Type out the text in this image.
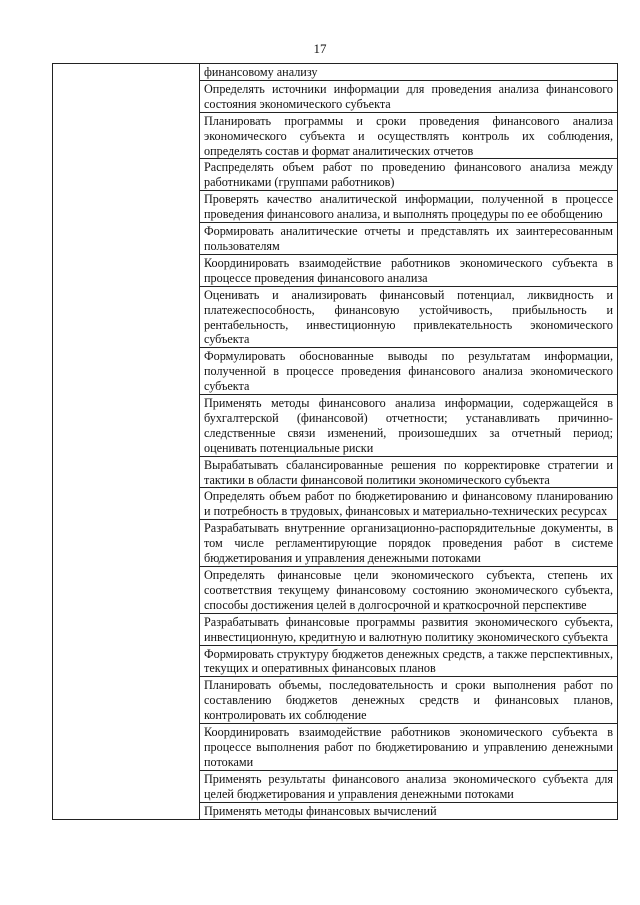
17

финансовому анализу

Определять источники информации для проведения анализа финансового состояния экономического субъекта

Планировать программы и сроки проведения финансового анализа экономического субъекта и осуществлять контроль их соблюдения, определять состав и формат аналитических отчетов

Распределять объем работ по проведению финансового анализа между работниками (группами работников)

Проверять качество аналитической информации, полученной в процессе проведения финансового анализа, и выполнять процедуры по ее обобщению

Формировать аналитические отчеты и представлять их заинтересованным пользователям

Координировать взаимодействие работников экономического субъекта в процессе проведения финансового анализа

Оценивать и анализировать финансовый потенциал, ликвидность и платежеспособность, финансовую устойчивость, прибыльность и рентабельность, инвестиционную привлекательность экономического субъекта

Формулировать обоснованные выводы по результатам информации, полученной в процессе проведения финансового анализа экономического субъекта

Применять методы финансового анализа информации, содержащейся в бухгалтерской (финансовой) отчетности; устанавливать причинно-следственные связи изменений, произошедших за отчетный период; оценивать потенциальные риски

Вырабатывать сбалансированные решения по корректировке стратегии и тактики в области финансовой политики экономического субъекта

Определять объем работ по бюджетированию и финансовому планированию и потребность в трудовых, финансовых и материально-технических ресурсах

Разрабатывать внутренние организационно-распорядительные документы, в том числе регламентирующие порядок проведения работ в системе бюджетирования и управления денежными потоками

Определять финансовые цели экономического субъекта, степень их соответствия текущему финансовому состоянию экономического субъекта, способы достижения целей в долгосрочной и краткосрочной перспективе

Разрабатывать финансовые программы развития экономического субъекта, инвестиционную, кредитную и валютную политику экономического субъекта

Формировать структуру бюджетов денежных средств, а также перспективных, текущих и оперативных финансовых планов

Планировать объемы, последовательность и сроки выполнения работ по составлению бюджетов денежных средств и финансовых планов, контролировать их соблюдение

Координировать взаимодействие работников экономического субъекта в процессе выполнения работ по бюджетированию и управлению денежными потоками

Применять результаты финансового анализа экономического субъекта для целей бюджетирования и управления денежными потоками

Применять методы финансовых вычислений
